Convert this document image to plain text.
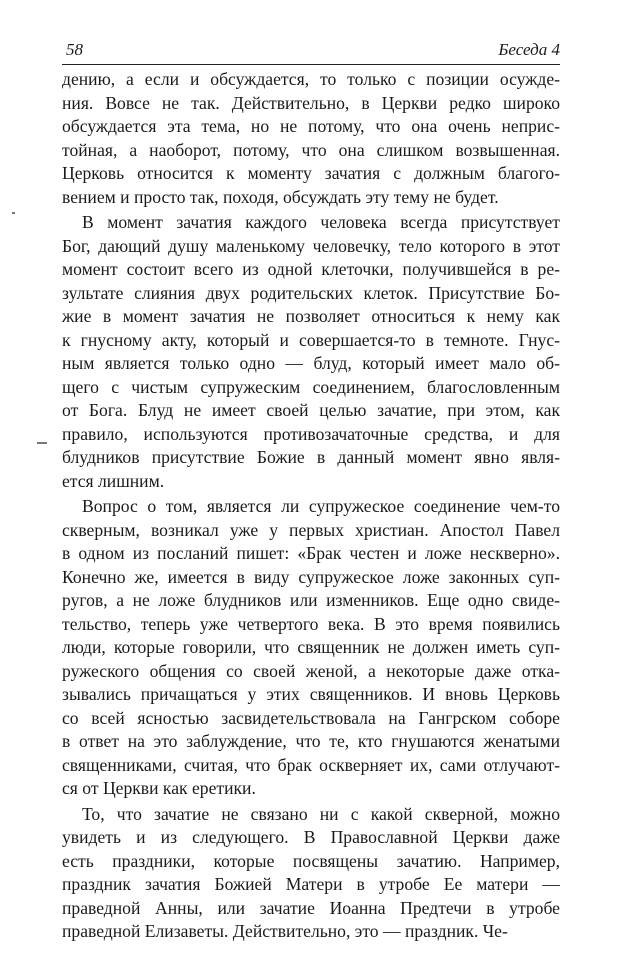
58	Беседа 4
дению, а если и обсуждается, то только с позиции осужде-
ния. Вовсе не так. Действительно, в Церкви редко широко
обсуждается эта тема, но не потому, что она очень неприс-
тойная, а наоборот, потому, что она слишком возвышенная.
Церковь относится к моменту зачатия с должным благого-
вением и просто так, походя, обсуждать эту тему не будет.
В момент зачатия каждого человека всегда присутствует
Бог, дающий душу маленькому человечку, тело которого в этот
момент состоит всего из одной клеточки, получившейся в ре-
зультате слияния двух родительских клеток. Присутствие Бо-
жие в момент зачатия не позволяет относиться к нему как
к гнусному акту, который и совершается-то в темноте. Гнус-
ным является только одно — блуд, который имеет мало об-
щего с чистым супружеским соединением, благословленным
от Бога. Блуд не имеет своей целью зачатие, при этом, как
правило, используются противозачаточные средства, и для
блудников присутствие Божие в данный момент явно явля-
ется лишним.
Вопрос о том, является ли супружеское соединение чем-то
скверным, возникал уже у первых христиан. Апостол Павел
в одном из посланий пишет: «Брак честен и ложе нескверно».
Конечно же, имеется в виду супружеское ложе законных суп-
ругов, а не ложе блудников или изменников. Еще одно свиде-
тельство, теперь уже четвертого века. В это время появились
люди, которые говорили, что священник не должен иметь суп-
ружеского общения со своей женой, а некоторые даже отка-
зывались причащаться у этих священников. И вновь Церковь
со всей ясностью засвидетельствовала на Гангрском соборе
в ответ на это заблуждение, что те, кто гнушаются женатыми
священниками, считая, что брак оскверняет их, сами отлучают-
ся от Церкви как еретики.
То, что зачатие не связано ни с какой скверной, можно
увидеть и из следующего. В Православной Церкви даже
есть праздники, которые посвящены зачатию. Например,
праздник зачатия Божией Матери в утробе Ее матери —
праведной Анны, или зачатие Иоанна Предтечи в утробе
праведной Елизаветы. Действительно, это — праздник. Че-
